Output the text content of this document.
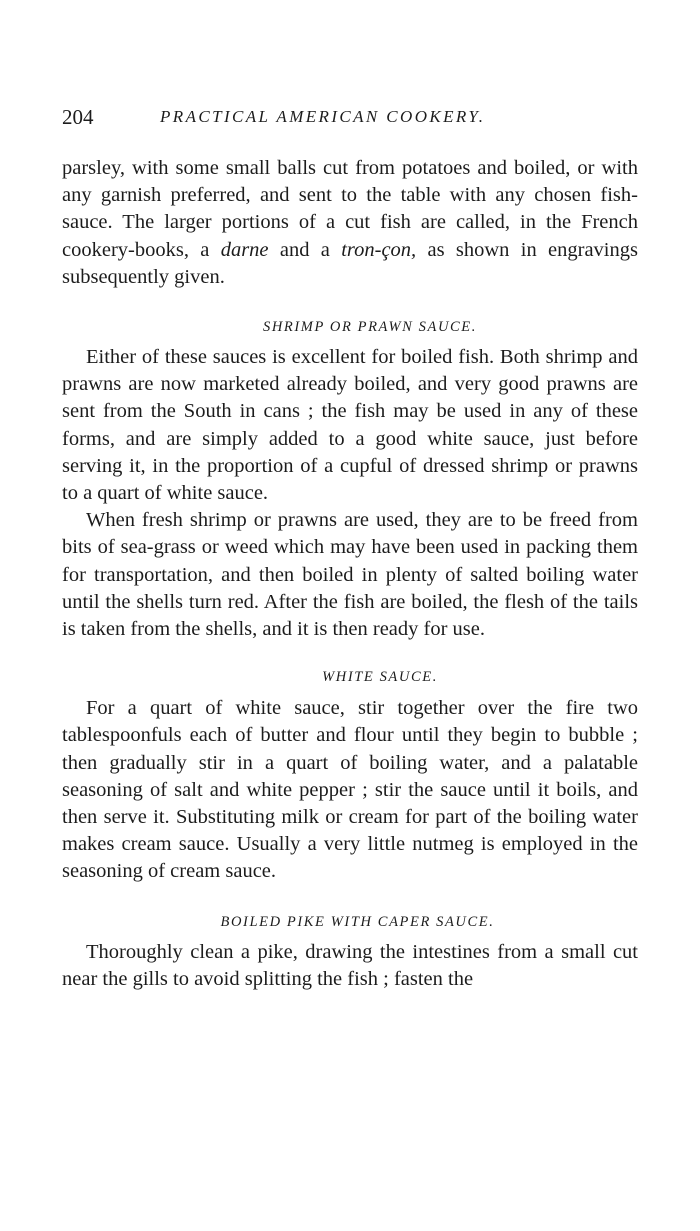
204	PRACTICAL AMERICAN COOKERY.

parsley, with some small balls cut from potatoes and boiled, or with any garnish preferred, and sent to the table with any chosen fish-sauce. The larger portions of a cut fish are called, in the French cookery-books, a darne and a tron-çon, as shown in engravings subsequently given.

SHRIMP OR PRAWN SAUCE.

Either of these sauces is excellent for boiled fish. Both shrimp and prawns are now marketed already boiled, and very good prawns are sent from the South in cans ; the fish may be used in any of these forms, and are simply added to a good white sauce, just before serving it, in the proportion of a cupful of dressed shrimp or prawns to a quart of white sauce.

When fresh shrimp or prawns are used, they are to be freed from bits of sea-grass or weed which may have been used in packing them for transportation, and then boiled in plenty of salted boiling water until the shells turn red. After the fish are boiled, the flesh of the tails is taken from the shells, and it is then ready for use.

WHITE SAUCE.

For a quart of white sauce, stir together over the fire two tablespoonfuls each of butter and flour until they begin to bubble ; then gradually stir in a quart of boiling water, and a palatable seasoning of salt and white pepper ; stir the sauce until it boils, and then serve it. Substituting milk or cream for part of the boiling water makes cream sauce. Usually a very little nutmeg is employed in the seasoning of cream sauce.

BOILED PIKE WITH CAPER SAUCE.

Thoroughly clean a pike, drawing the intestines from a small cut near the gills to avoid splitting the fish ; fasten the
